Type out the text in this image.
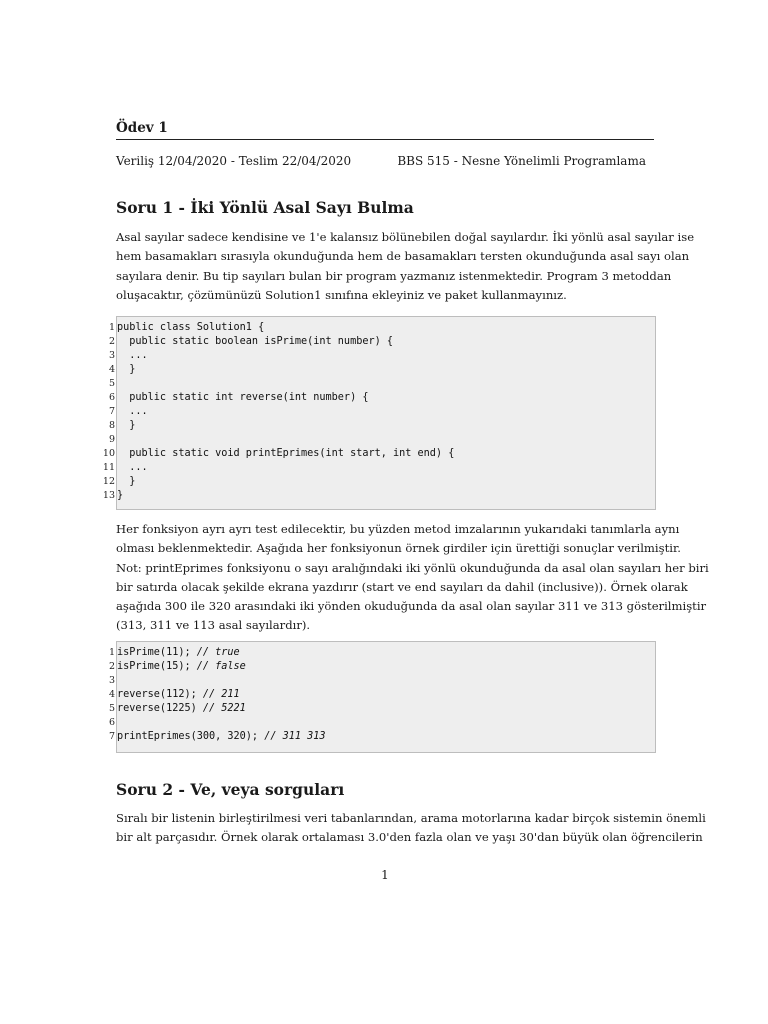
Ödev 1
Veriliş 12/04/2020 - Teslim 22/04/2020	BBS 515 - Nesne Yönelimli Programlama
Soru 1 - İki Yönlü Asal Sayı Bulma
Asal sayılar sadece kendisine ve 1'e kalansız bölünebilen doğal sayılardır. İki yönlü asal sayılar ise
hem basamakları sırasıyla okunduğunda hem de basamakları tersten okunduğunda asal sayı olan
sayılara denir. Bu tip sayıları bulan bir program yazmanız istenmektedir. Program 3 metoddan
oluşacaktır, çözümünüzü Solution1 sınıfına ekleyiniz ve paket kullanmayınız.
1 public class Solution1 {
2 public static boolean isPrime(int number) {
3 ...
4 }
5
6 public static int reverse(int number) {
7 ...
8 }
9
10 public static void printEprimes(int start, int end) {
11 ...
12 }
13 }
Her fonksiyon ayrı ayrı test edilecektir, bu yüzden metod imzalarının yukarıdaki tanımlarla aynı
olması beklenmektedir. Aşağıda her fonksiyonun örnek girdiler için ürettiği sonuçlar verilmiştir.
Not: printEprimes fonksiyonu o sayı aralığındaki iki yönlü okunduğunda da asal olan sayıları her biri
bir satırda olacak şekilde ekrana yazdırır (start ve end sayıları da dahil (inclusive)). Örnek olarak
aşağıda 300 ile 320 arasındaki iki yönden okuduğunda da asal olan sayılar 311 ve 313 gösterilmiştir
(313, 311 ve 113 asal sayılardır).
1 isPrime(11); // true
2 isPrime(15); // false
3
4 reverse(112); // 211
5 reverse(1225) // 5221
6
7 printEprimes(300, 320); // 311 313
Soru 2 - Ve, veya sorguları
Sıralı bir listenin birleştirilmesi veri tabanlarından, arama motorlarına kadar birçok sistemin önemli
bir alt parçasıdır. Örnek olarak ortalaması 3.0'den fazla olan ve yaşı 30'dan büyük olan öğrencilerin
1
